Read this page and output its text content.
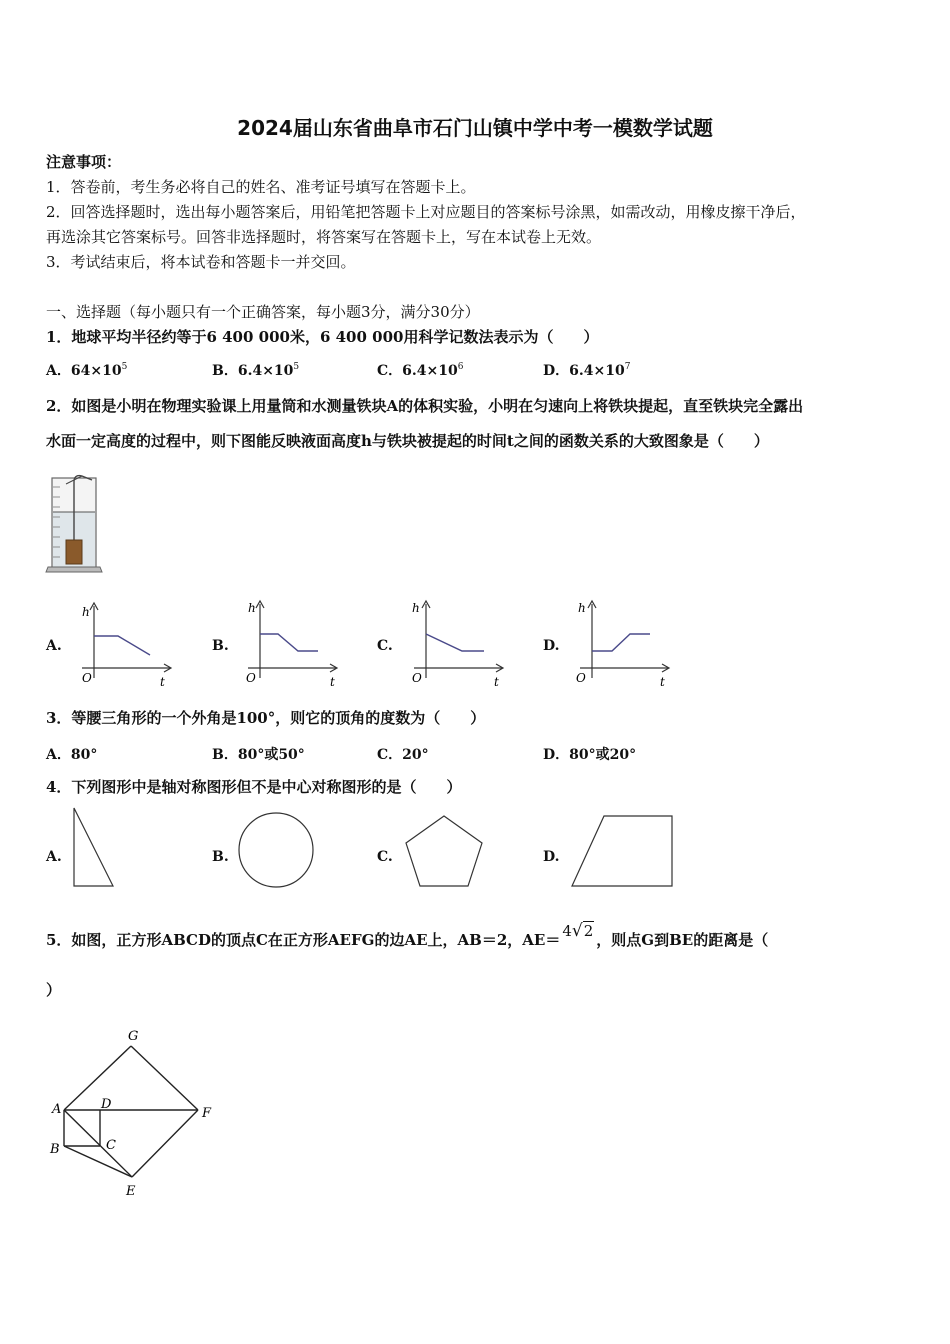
2024届山东省曲阜市石门山镇中学中考一模数学试题
注意事项：
1．答卷前，考生务必将自己的姓名、准考证号填写在答题卡上。
2．回答选择题时，选出每小题答案后，用铅笔把答题卡上对应题目的答案标号涂黑，如需改动，用橡皮擦干净后，
再选涂其它答案标号。回答非选择题时，将答案写在答题卡上，写在本试卷上无效。
3．考试结束后，将本试卷和答题卡一并交回。
一、选择题（每小题只有一个正确答案，每小题3分，满分30分）
1．地球平均半径约等于6 400 000米，6 400 000用科学记数法表示为（　　）
A．$64\times 10^5$	B．$6.4\times 10^5$	C．$6.4\times 10^6$	D．$6.4\times 10^7$
2．如图是小明在物理实验课上用量筒和水测量铁块A的体积实验，小明在匀速向上将铁块提起，直至铁块完全露出
水面一定高度的过程中，则下图能反映液面高度h与铁块被提起的时间t之间的函数关系的大致图象是（　　）
A.
h
O	t
B.
h
O	t
C.
h
O	t
D.
h
O	t
3．等腰三角形的一个外角是100°，则它的顶角的度数为（　　）
A．80°	B．80°或50°	C．20°	D．80°或20°
4．下列图形中是轴对称图形但不是中心对称图形的是（　　）
A.	B.	C.	D.
5．如图，正方形ABCD的顶点C在正方形AEFG的边AE上，AB＝2，AE＝ 4√2 ，则点G到BE的距离是（
）
G
A	D
F
B	C
E
